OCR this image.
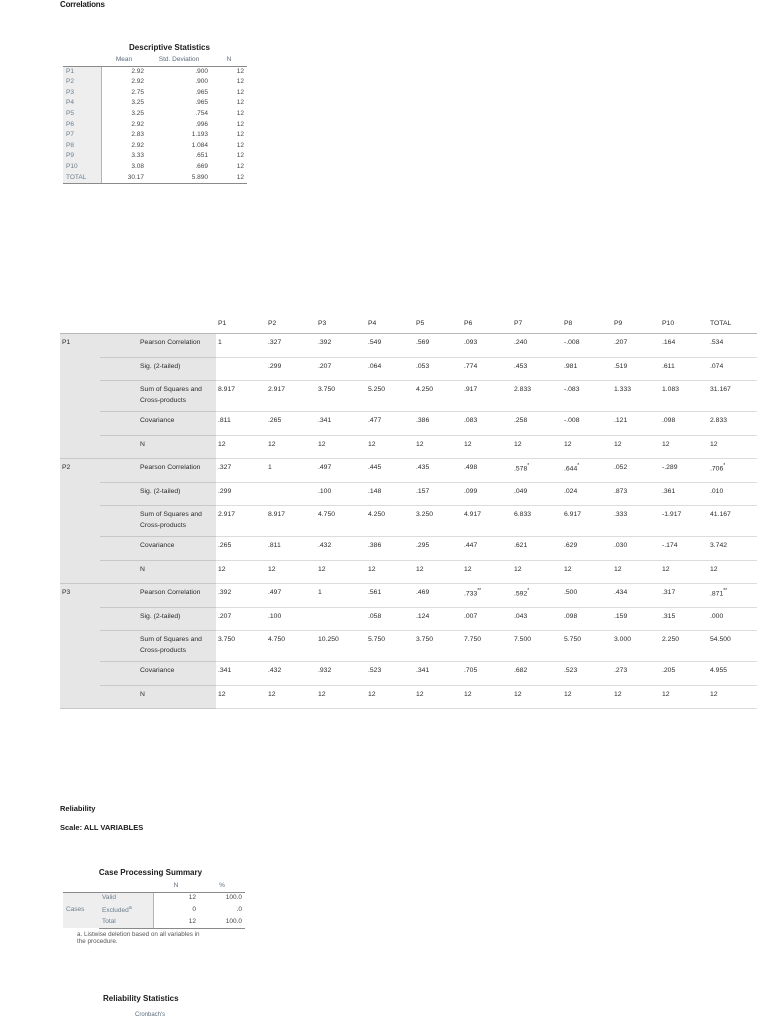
Correlations
Descriptive Statistics
	Mean	Std. Deviation	N
P1	2.92	.900	12
P2	2.92	.900	12
P3	2.75	.965	12
P4	3.25	.965	12
P5	3.25	.754	12
P6	2.92	.996	12
P7	2.83	1.193	12
P8	2.92	1.084	12
P9	3.33	.651	12
P10	3.08	.669	12
TOTAL	30.17	5.890	12
		P1	P2	P3	P4	P5	P6	P7	P8	P9	P10	TOTAL
P1	Pearson Correlation	1	.327	.392	.549	.569	.093	.240	-.008	.207	.164	.534
	Sig. (2-tailed)		.299	.207	.064	.053	.774	.453	.981	.519	.611	.074
	Sum of Squares and Cross-products	8.917	2.917	3.750	5.250	4.250	.917	2.833	-.083	1.333	1.083	31.167
	Covariance	.811	.265	.341	.477	.386	.083	.258	-.008	.121	.098	2.833
	N	12	12	12	12	12	12	12	12	12	12	12
P2	Pearson Correlation	.327	1	.497	.445	.435	.498	.578*	.644*	.052	-.289	.706*
	Sig. (2-tailed)	.299		.100	.148	.157	.099	.049	.024	.873	.361	.010
	Sum of Squares and Cross-products	2.917	8.917	4.750	4.250	3.250	4.917	6.833	6.917	.333	-1.917	41.167
	Covariance	.265	.811	.432	.386	.295	.447	.621	.629	.030	-.174	3.742
	N	12	12	12	12	12	12	12	12	12	12	12
P3	Pearson Correlation	.392	.497	1	.561	.469	.733**	.592*	.500	.434	.317	.871**
	Sig. (2-tailed)	.207	.100		.058	.124	.007	.043	.098	.159	.315	.000
	Sum of Squares and Cross-products	3.750	4.750	10.250	5.750	3.750	7.750	7.500	5.750	3.000	2.250	54.500
	Covariance	.341	.432	.932	.523	.341	.705	.682	.523	.273	.205	4.955
	N	12	12	12	12	12	12	12	12	12	12	12
Reliability
Scale: ALL VARIABLES
Case Processing Summary
		N	%
Cases	Valid	12	100.0
	Excluded$^a$	0	.0
	Total	12	100.0
a. Listwise deletion based on all variables in the procedure.
Reliability Statistics
Cronbach's
